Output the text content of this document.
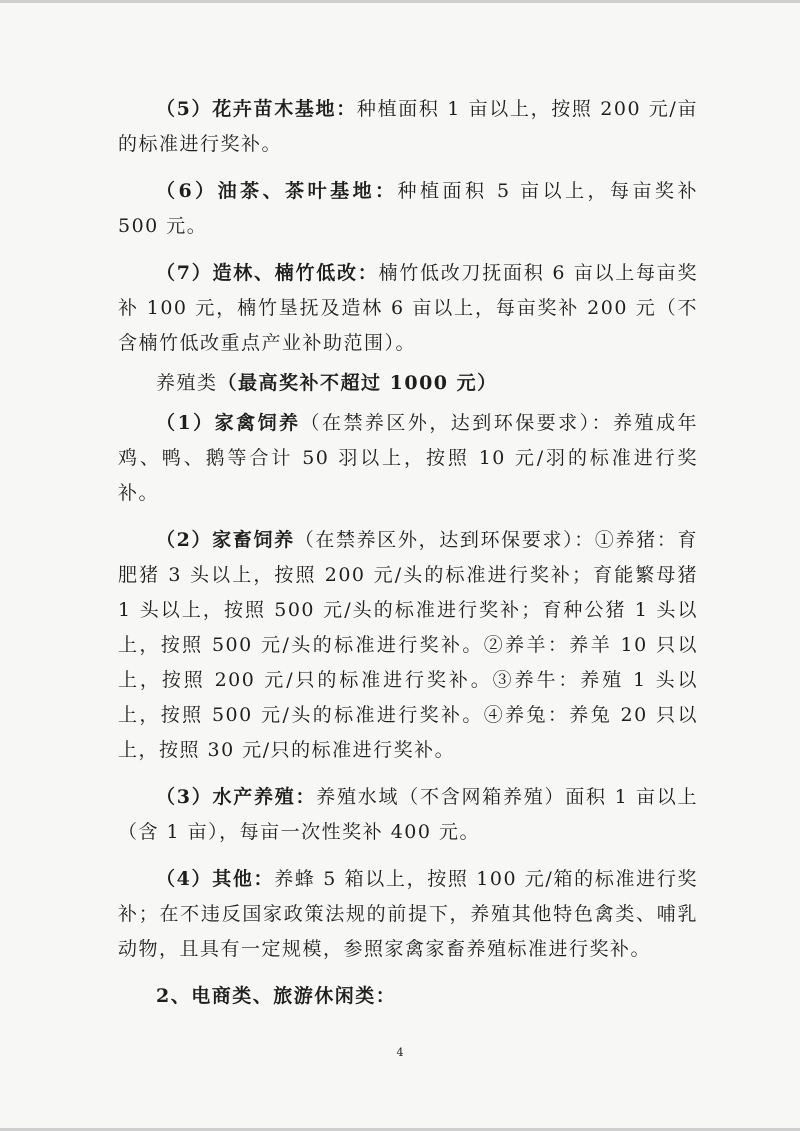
（5）花卉苗木基地：种植面积 1 亩以上，按照 200 元/亩的标准进行奖补。

（6）油茶、茶叶基地：种植面积 5 亩以上，每亩奖补 500 元。

（7）造林、楠竹低改：楠竹低改刀抚面积 6 亩以上每亩奖补 100 元，楠竹垦抚及造林 6 亩以上，每亩奖补 200 元（不含楠竹低改重点产业补助范围）。

养殖类（最高奖补不超过 1000 元）

（1）家禽饲养（在禁养区外，达到环保要求）：养殖成年鸡、鸭、鹅等合计 50 羽以上，按照 10 元/羽的标准进行奖补。

（2）家畜饲养（在禁养区外，达到环保要求）：①养猪：育肥猪 3 头以上，按照 200 元/头的标准进行奖补；育能繁母猪 1 头以上，按照 500 元/头的标准进行奖补；育种公猪 1 头以上，按照 500 元/头的标准进行奖补。②养羊：养羊 10 只以上，按照 200 元/只的标准进行奖补。③养牛：养殖 1 头以上，按照 500 元/头的标准进行奖补。④养兔：养兔 20 只以上，按照 30 元/只的标准进行奖补。

（3）水产养殖：养殖水域（不含网箱养殖）面积 1 亩以上（含 1 亩），每亩一次性奖补 400 元。

（4）其他：养蜂 5 箱以上，按照 100 元/箱的标准进行奖补；在不违反国家政策法规的前提下，养殖其他特色禽类、哺乳动物，且具有一定规模，参照家禽家畜养殖标准进行奖补。

2、电商类、旅游休闲类：

4
